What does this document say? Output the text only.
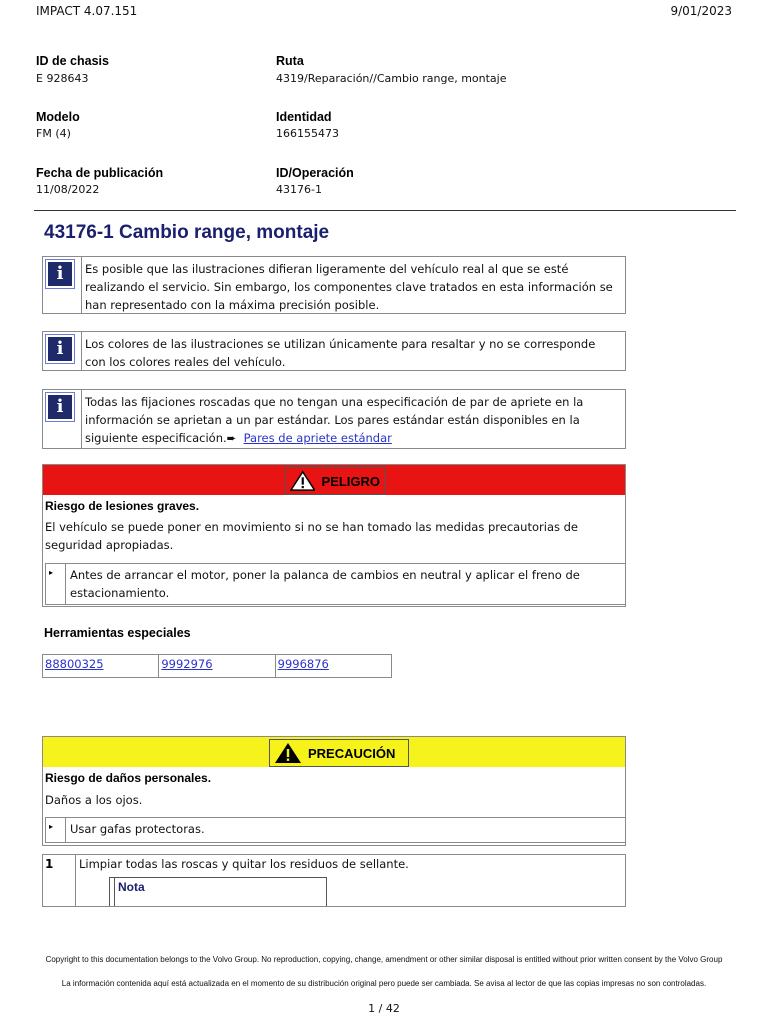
IMPACT 4.07.151	9/01/2023
ID de chasis
E 928643
Ruta
4319/Reparación//Cambio range, montaje
Modelo
FM (4)
Identidad
166155473
Fecha de publicación
11/08/2022
ID/Operación
43176-1
43176-1 Cambio range, montaje
i	Es posible que las ilustraciones difieran ligeramente del vehículo real al que se esté realizando el servicio. Sin embargo, los componentes clave tratados en esta información se han representado con la máxima precisión posible.
i	Los colores de las ilustraciones se utilizan únicamente para resaltar y no se corresponde con los colores reales del vehículo.
i	Todas las fijaciones roscadas que no tengan una especificación de par de apriete en la información se aprietan a un par estándar. Los pares estándar están disponibles en la siguiente especificación.➨ Pares de apriete estándar
PELIGRO
Riesgo de lesiones graves.
El vehículo se puede poner en movimiento si no se han tomado las medidas precautorias de seguridad apropiadas.
▸	Antes de arrancar el motor, poner la palanca de cambios en neutral y aplicar el freno de estacionamiento.
Herramientas especiales
88800325	9992976	9996876
PRECAUCIÓN
Riesgo de daños personales.
Daños a los ojos.
▸	Usar gafas protectoras.
1 Limpiar todas las roscas y quitar los residuos de sellante.
Nota
Copyright to this documentation belongs to the Volvo Group. No reproduction, copying, change, amendment or other similar disposal is entitled without prior written consent by the Volvo Group
La información contenida aquí está actualizada en el momento de su distribución original pero puede ser cambiada. Se avisa al lector de que las copias impresas no son controladas.
1 / 42
